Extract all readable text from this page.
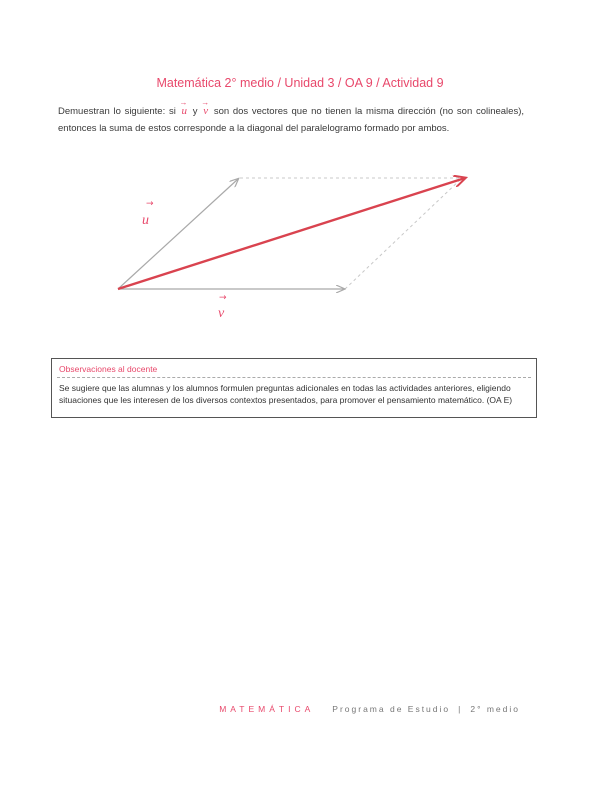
Matemática 2° medio / Unidad 3 / OA 9 / Actividad 9
Demuestran lo siguiente: si → u y → v son dos vectores que no tienen la misma dirección (no son colineales), entonces la suma de estos corresponde a la diagonal del paralelogramo formado por ambos.
→
u
→
v
Observaciones al docente
Se sugiere que las alumnas y los alumnos formulen preguntas adicionales en todas las actividades anteriores, eligiendo situaciones que les interesen de los diversos contextos presentados, para promover el pensamiento matemático. (OA E)
MATEMÁTICA Programa de Estudio | 2° medio
